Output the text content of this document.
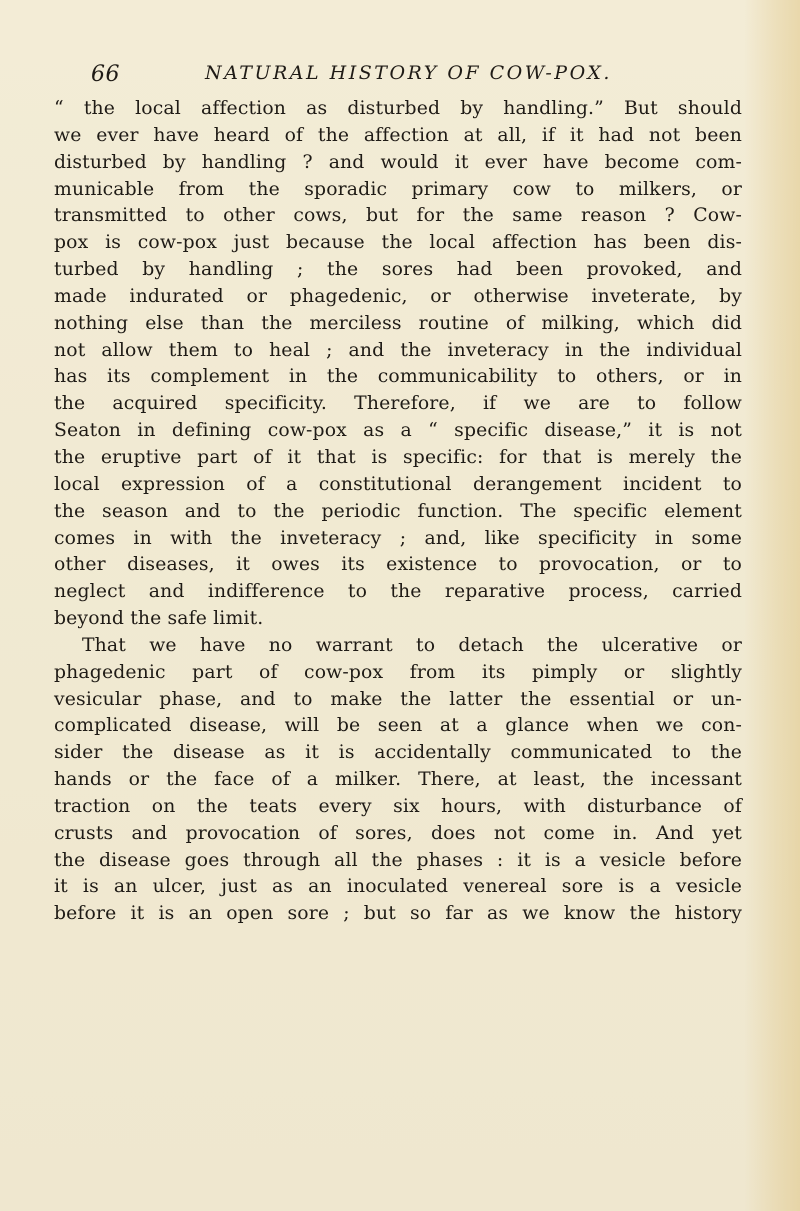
66	NATURAL HISTORY OF COW-POX.
“ the local affection as disturbed by handling.” But should
we ever have heard of the affection at all, if it had not been
disturbed by handling ? and would it ever have become com-
municable from the sporadic primary cow to milkers, or
transmitted to other cows, but for the same reason ? Cow-
pox is cow-pox just because the local affection has been dis-
turbed by handling ; the sores had been provoked, and
made indurated or phagedenic, or otherwise inveterate, by
nothing else than the merciless routine of milking, which did
not allow them to heal ; and the inveteracy in the individual
has its complement in the communicability to others, or in
the acquired specificity. Therefore, if we are to follow
Seaton in defining cow-pox as a “ specific disease,” it is not
the eruptive part of it that is specific: for that is merely the
local expression of a constitutional derangement incident to
the season and to the periodic function. The specific element
comes in with the inveteracy ; and, like specificity in some
other diseases, it owes its existence to provocation, or to
neglect and indifference to the reparative process, carried
beyond the safe limit.
That we have no warrant to detach the ulcerative or
phagedenic part of cow-pox from its pimply or slightly
vesicular phase, and to make the latter the essential or un-
complicated disease, will be seen at a glance when we con-
sider the disease as it is accidentally communicated to the
hands or the face of a milker. There, at least, the incessant
traction on the teats every six hours, with disturbance of
crusts and provocation of sores, does not come in. And yet
the disease goes through all the phases : it is a vesicle before
it is an ulcer, just as an inoculated venereal sore is a vesicle
before it is an open sore ; but so far as we know the history
